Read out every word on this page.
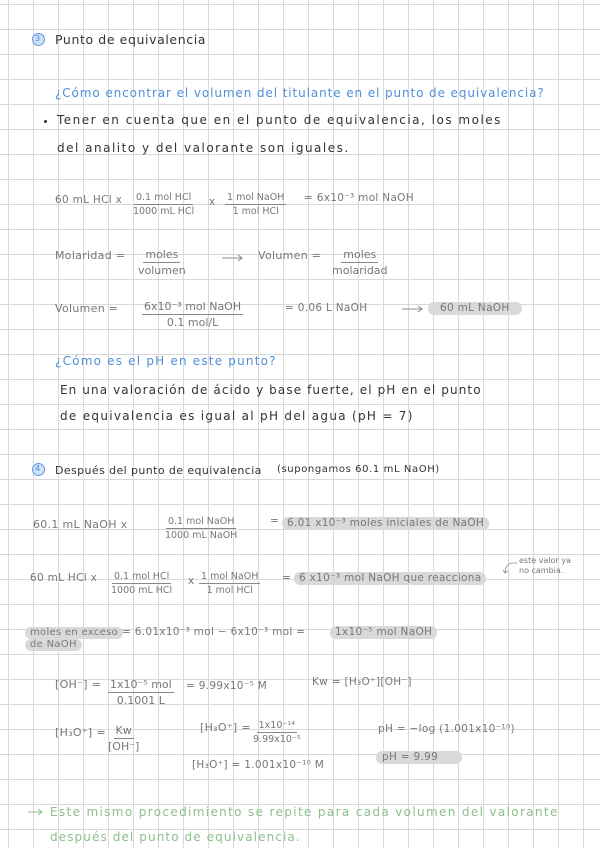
3 Punto de equivalencia
¿Cómo encontrar el volumen del titulante en el punto de equivalencia?
Tener en cuenta que en el punto de equivalencia, los moles
del analito y del valorante son iguales.
60 mL HCl x 0.1 mol HCl
1000 mL HCl
x 1 mol NaOH
1 mol HCl
= 6x10⁻³ mol NaOH
Molaridad = moles
volumen
Volumen = moles
molaridad
Volumen = 6x10⁻³ mol NaOH
0.1 mol/L
= 0.06 L NaOH	60 mL NaOH
¿Cómo es el pH en este punto?
En una valoración de ácido y base fuerte, el pH en el punto
de equivalencia es igual al pH del agua (pH = 7)
4 Después del punto de equivalencia (supongamos 60.1 mL NaOH)
60.1 mL NaOH x	0.1 mol NaOH
1000 mL NaOH
= 6.01 x10⁻³ moles iniciales de NaOH
60 mL HCl x 0.1 mol HCl
1000 mL HCl
x 1 mol NaOH
1 mol HCl
= 6 x10⁻³ mol NaOH que reacciona
este valor ya
no cambia.
moles en exceso
de NaOH
= 6.01x10⁻³ mol − 6x10⁻³ mol =	1x10⁻⁵ mol NaOH
[OH⁻] = 1x10⁻⁵ mol
0.1001 L
= 9.99x10⁻⁵ M	Kw = [H₃O⁺][OH⁻]
$[H_3O^+] = \frac{Kw}{[OH^-]}$	$[H_3O^+] = \frac{\text{1x10⁻¹⁴}}{\text{9.99x10⁻⁵}}$
[H₃O⁺] = 1.001x10⁻¹⁰ M
pH = −log (1.001x10⁻¹⁰)
pH = 9.99
Este mismo procedimiento se repite para cada volumen del valorante
después del punto de equivalencia.
